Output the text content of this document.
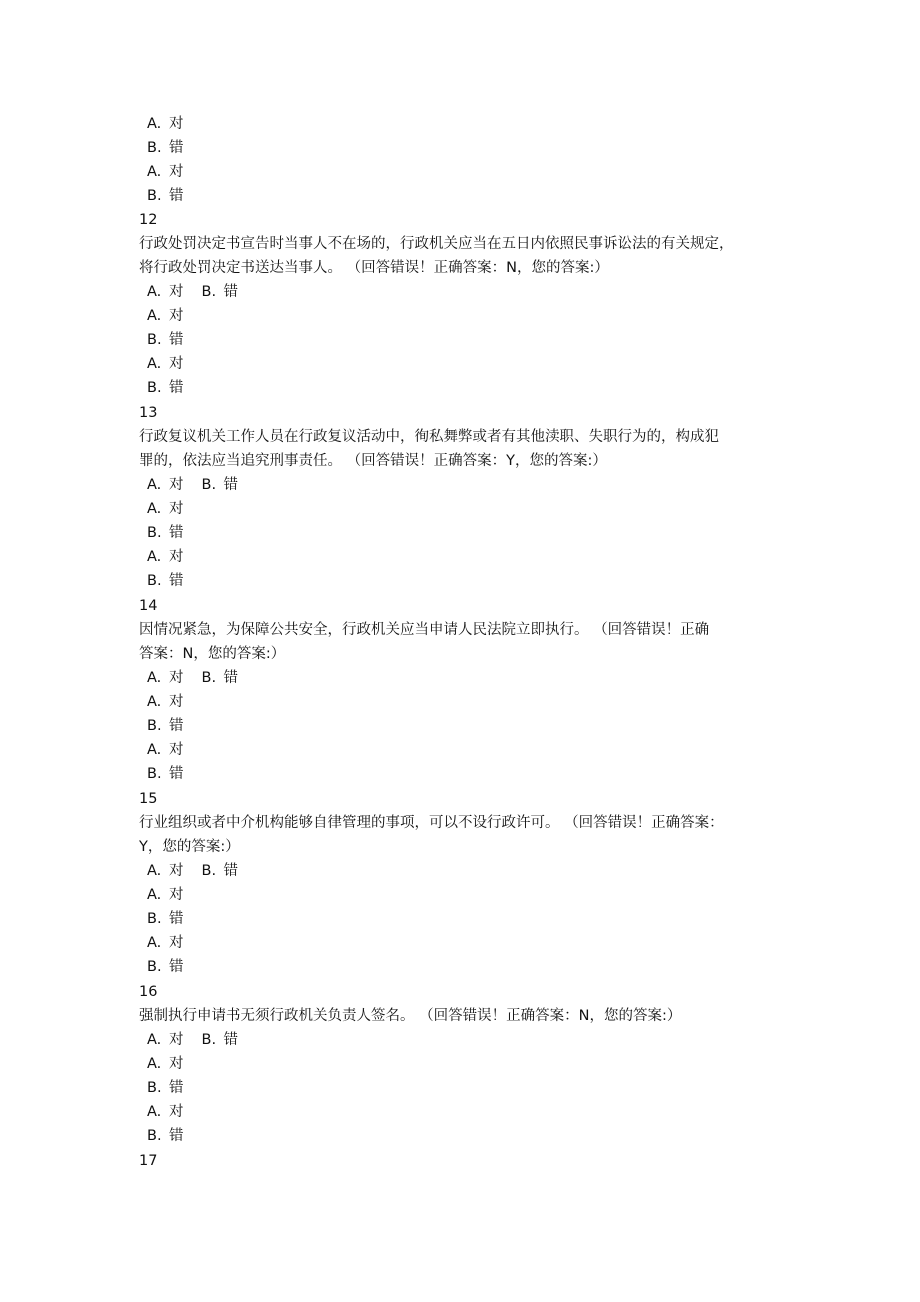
A. 对
B. 错
A. 对
B. 错
12
行政处罚决定书宣告时当事人不在场的，行政机关应当在五日内依照民事诉讼法的有关规定，
将行政处罚决定书送达当事人。 （回答错误！正确答案：N，您的答案:）
A. 对 B. 错
A. 对
B. 错
A. 对
B. 错
13
行政复议机关工作人员在行政复议活动中，徇私舞弊或者有其他渎职、失职行为的，构成犯
罪的，依法应当追究刑事责任。 （回答错误！正确答案：Y，您的答案:）
A. 对 B. 错
A. 对
B. 错
A. 对
B. 错
14
因情况紧急，为保障公共安全，行政机关应当申请人民法院立即执行。 （回答错误！正确
答案：N，您的答案:）
A. 对 B. 错
A. 对
B. 错
A. 对
B. 错
15
行业组织或者中介机构能够自律管理的事项，可以不设行政许可。 （回答错误！正确答案：
Y，您的答案:）
A. 对 B. 错
A. 对
B. 错
A. 对
B. 错
16
强制执行申请书无须行政机关负责人签名。 （回答错误！正确答案：N，您的答案:）
A. 对 B. 错
A. 对
B. 错
A. 对
B. 错
17
